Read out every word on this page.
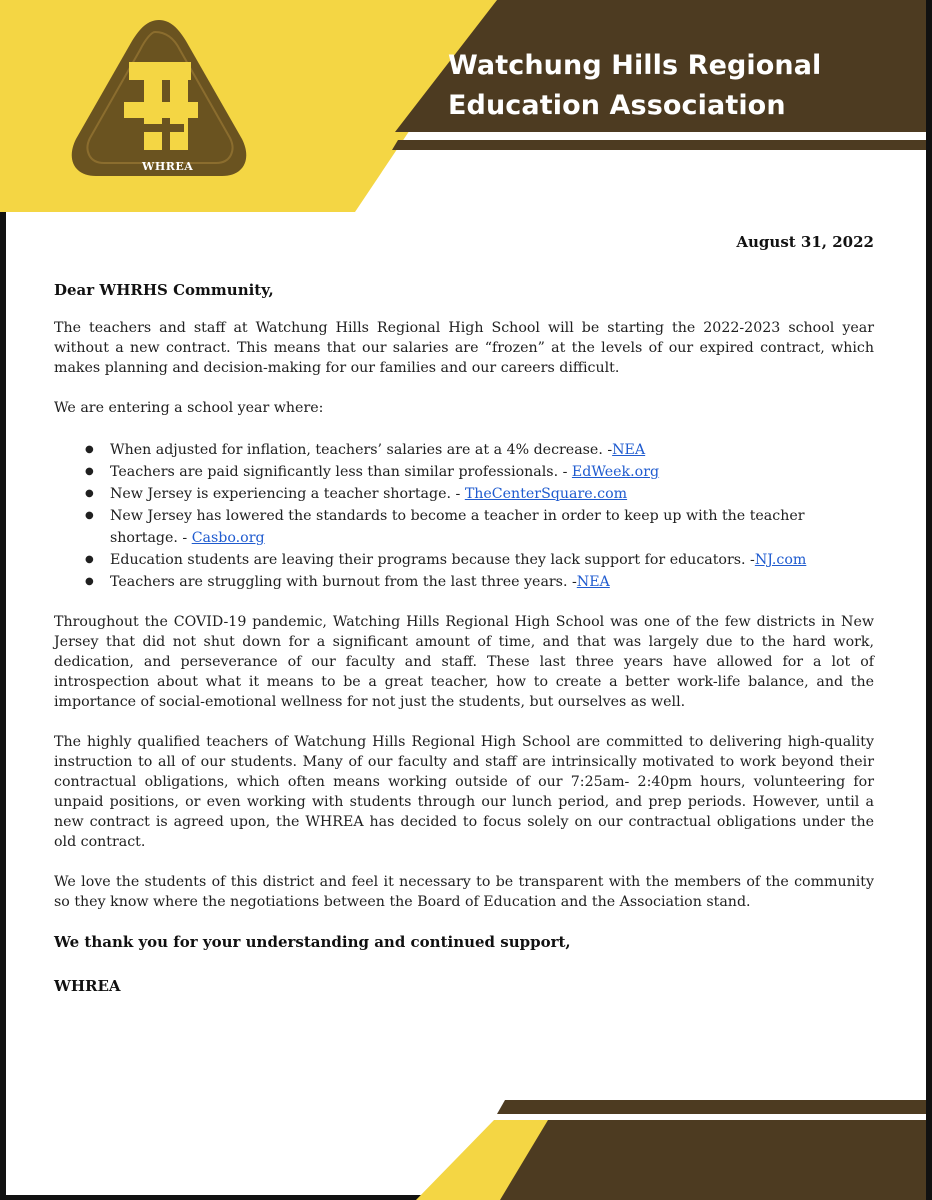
Watchung Hills Regional
Education Association
WHREA
August 31, 2022
Dear WHRHS Community,

The teachers and staff at Watchung Hills Regional High School will be starting the 2022-2023 school year without a new contract. This means that our salaries are “frozen” at the levels of our expired contract, which makes planning and decision-making for our families and our careers difficult.

We are entering a school year where:

● When adjusted for inflation, teachers’ salaries are at a 4% decrease. -NEA
● Teachers are paid significantly less than similar professionals. - EdWeek.org
● New Jersey is experiencing a teacher shortage. - TheCenterSquare.com
● New Jersey has lowered the standards to become a teacher in order to keep up with the teacher shortage. - Casbo.org
● Education students are leaving their programs because they lack support for educators. -NJ.com
● Teachers are struggling with burnout from the last three years. -NEA

Throughout the COVID-19 pandemic, Watching Hills Regional High School was one of the few districts in New Jersey that did not shut down for a significant amount of time, and that was largely due to the hard work, dedication, and perseverance of our faculty and staff. These last three years have allowed for a lot of introspection about what it means to be a great teacher, how to create a better work-life balance, and the importance of social-emotional wellness for not just the students, but ourselves as well.

The highly qualified teachers of Watchung Hills Regional High School are committed to delivering high-quality instruction to all of our students. Many of our faculty and staff are intrinsically motivated to work beyond their contractual obligations, which often means working outside of our 7:25am- 2:40pm hours, volunteering for unpaid positions, or even working with students through our lunch period, and prep periods. However, until a new contract is agreed upon, the WHREA has decided to focus solely on our contractual obligations under the old contract.

We love the students of this district and feel it necessary to be transparent with the members of the community so they know where the negotiations between the Board of Education and the Association stand.

We thank you for your understanding and continued support,
WHREA
